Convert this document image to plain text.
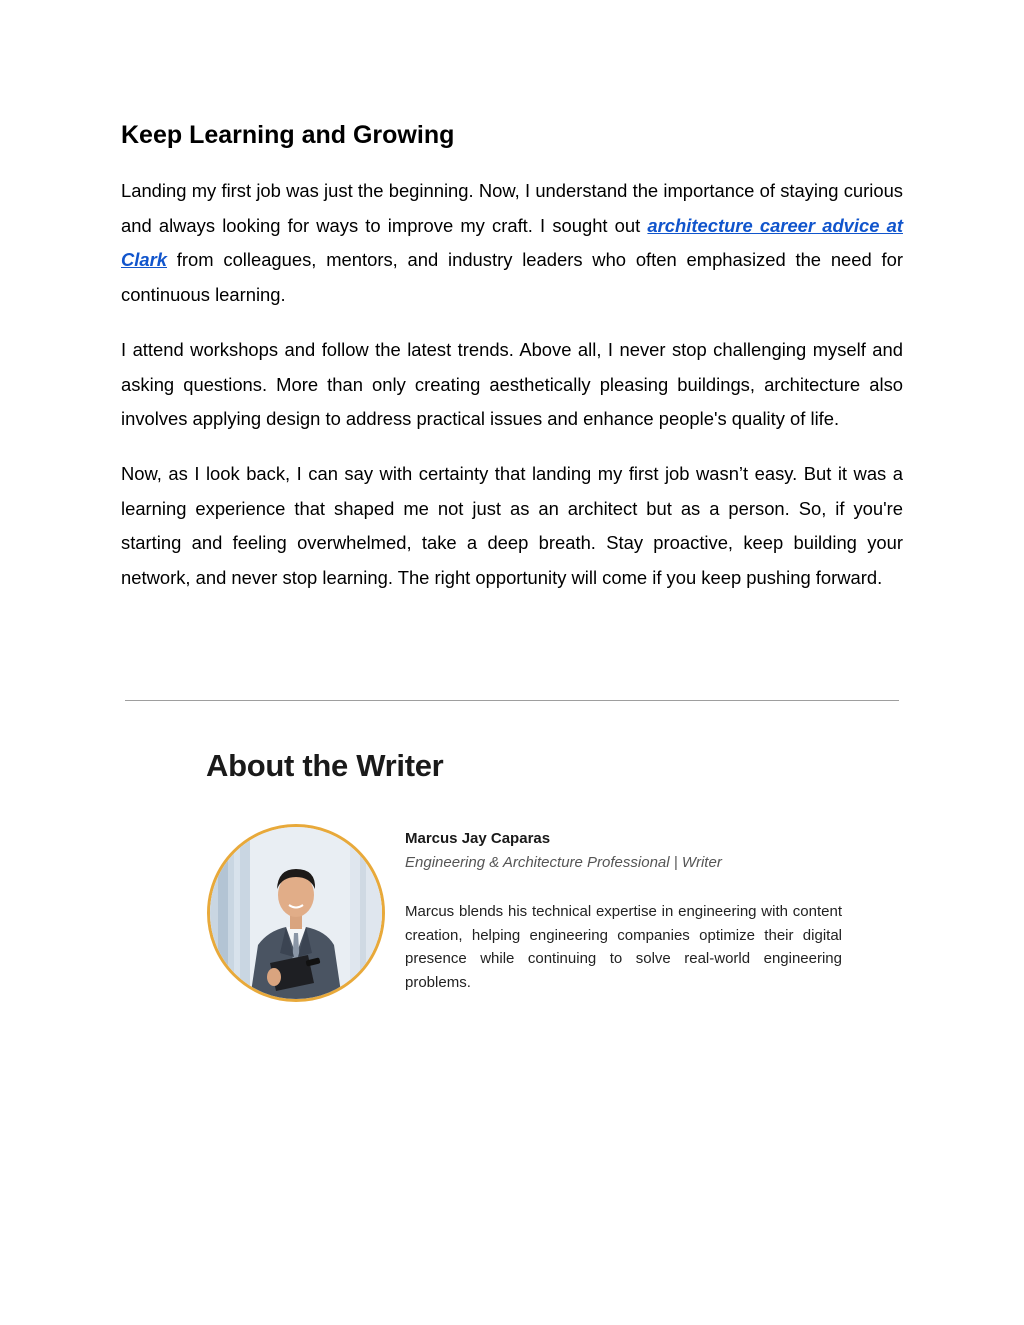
Keep Learning and Growing

Landing my first job was just the beginning. Now, I understand the importance of staying curious and always looking for ways to improve my craft. I sought out architecture career advice at Clark from colleagues, mentors, and industry leaders who often emphasized the need for continuous learning.

I attend workshops and follow the latest trends. Above all, I never stop challenging myself and asking questions. More than only creating aesthetically pleasing buildings, architecture also involves applying design to address practical issues and enhance people's quality of life.

Now, as I look back, I can say with certainty that landing my first job wasn’t easy. But it was a learning experience that shaped me not just as an architect but as a person. So, if you're starting and feeling overwhelmed, take a deep breath. Stay proactive, keep building your network, and never stop learning. The right opportunity will come if you keep pushing forward.

About the Writer
Marcus Jay Caparas
Engineering & Architecture Professional | Writer

Marcus blends his technical expertise in engineering with content creation, helping engineering companies optimize their digital presence while continuing to solve real-world engineering problems.
